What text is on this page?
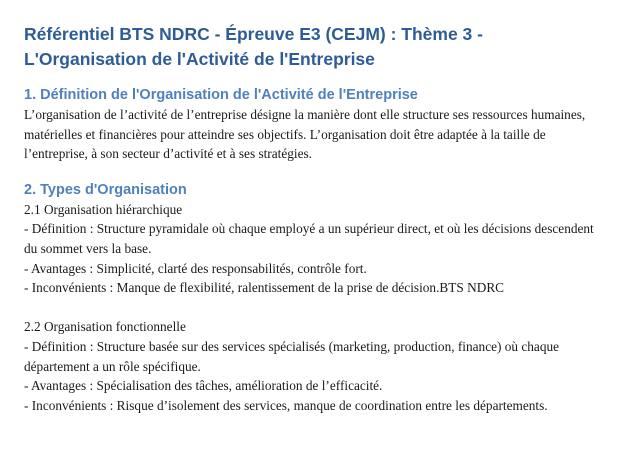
Référentiel BTS NDRC - Épreuve E3 (CEJM) : Thème 3 - L'Organisation de l'Activité de l'Entreprise
1. Définition de l'Organisation de l'Activité de l'Entreprise

L’organisation de l’activité de l’entreprise désigne la manière dont elle structure ses ressources humaines, matérielles et financières pour atteindre ses objectifs. L’organisation doit être adaptée à la taille de l’entreprise, à son secteur d’activité et à ses stratégies.

2. Types d'Organisation

2.1 Organisation hiérarchique

- Définition : Structure pyramidale où chaque employé a un supérieur direct, et où les décisions descendent du sommet vers la base.

- Avantages : Simplicité, clarté des responsabilités, contrôle fort.

- Inconvénients : Manque de flexibilité, ralentissement de la prise de décision.BTS NDRC

2.2 Organisation fonctionnelle

- Définition : Structure basée sur des services spécialisés (marketing, production, finance) où chaque département a un rôle spécifique.

- Avantages : Spécialisation des tâches, amélioration de l’efficacité.

- Inconvénients : Risque d’isolement des services, manque de coordination entre les départements.
